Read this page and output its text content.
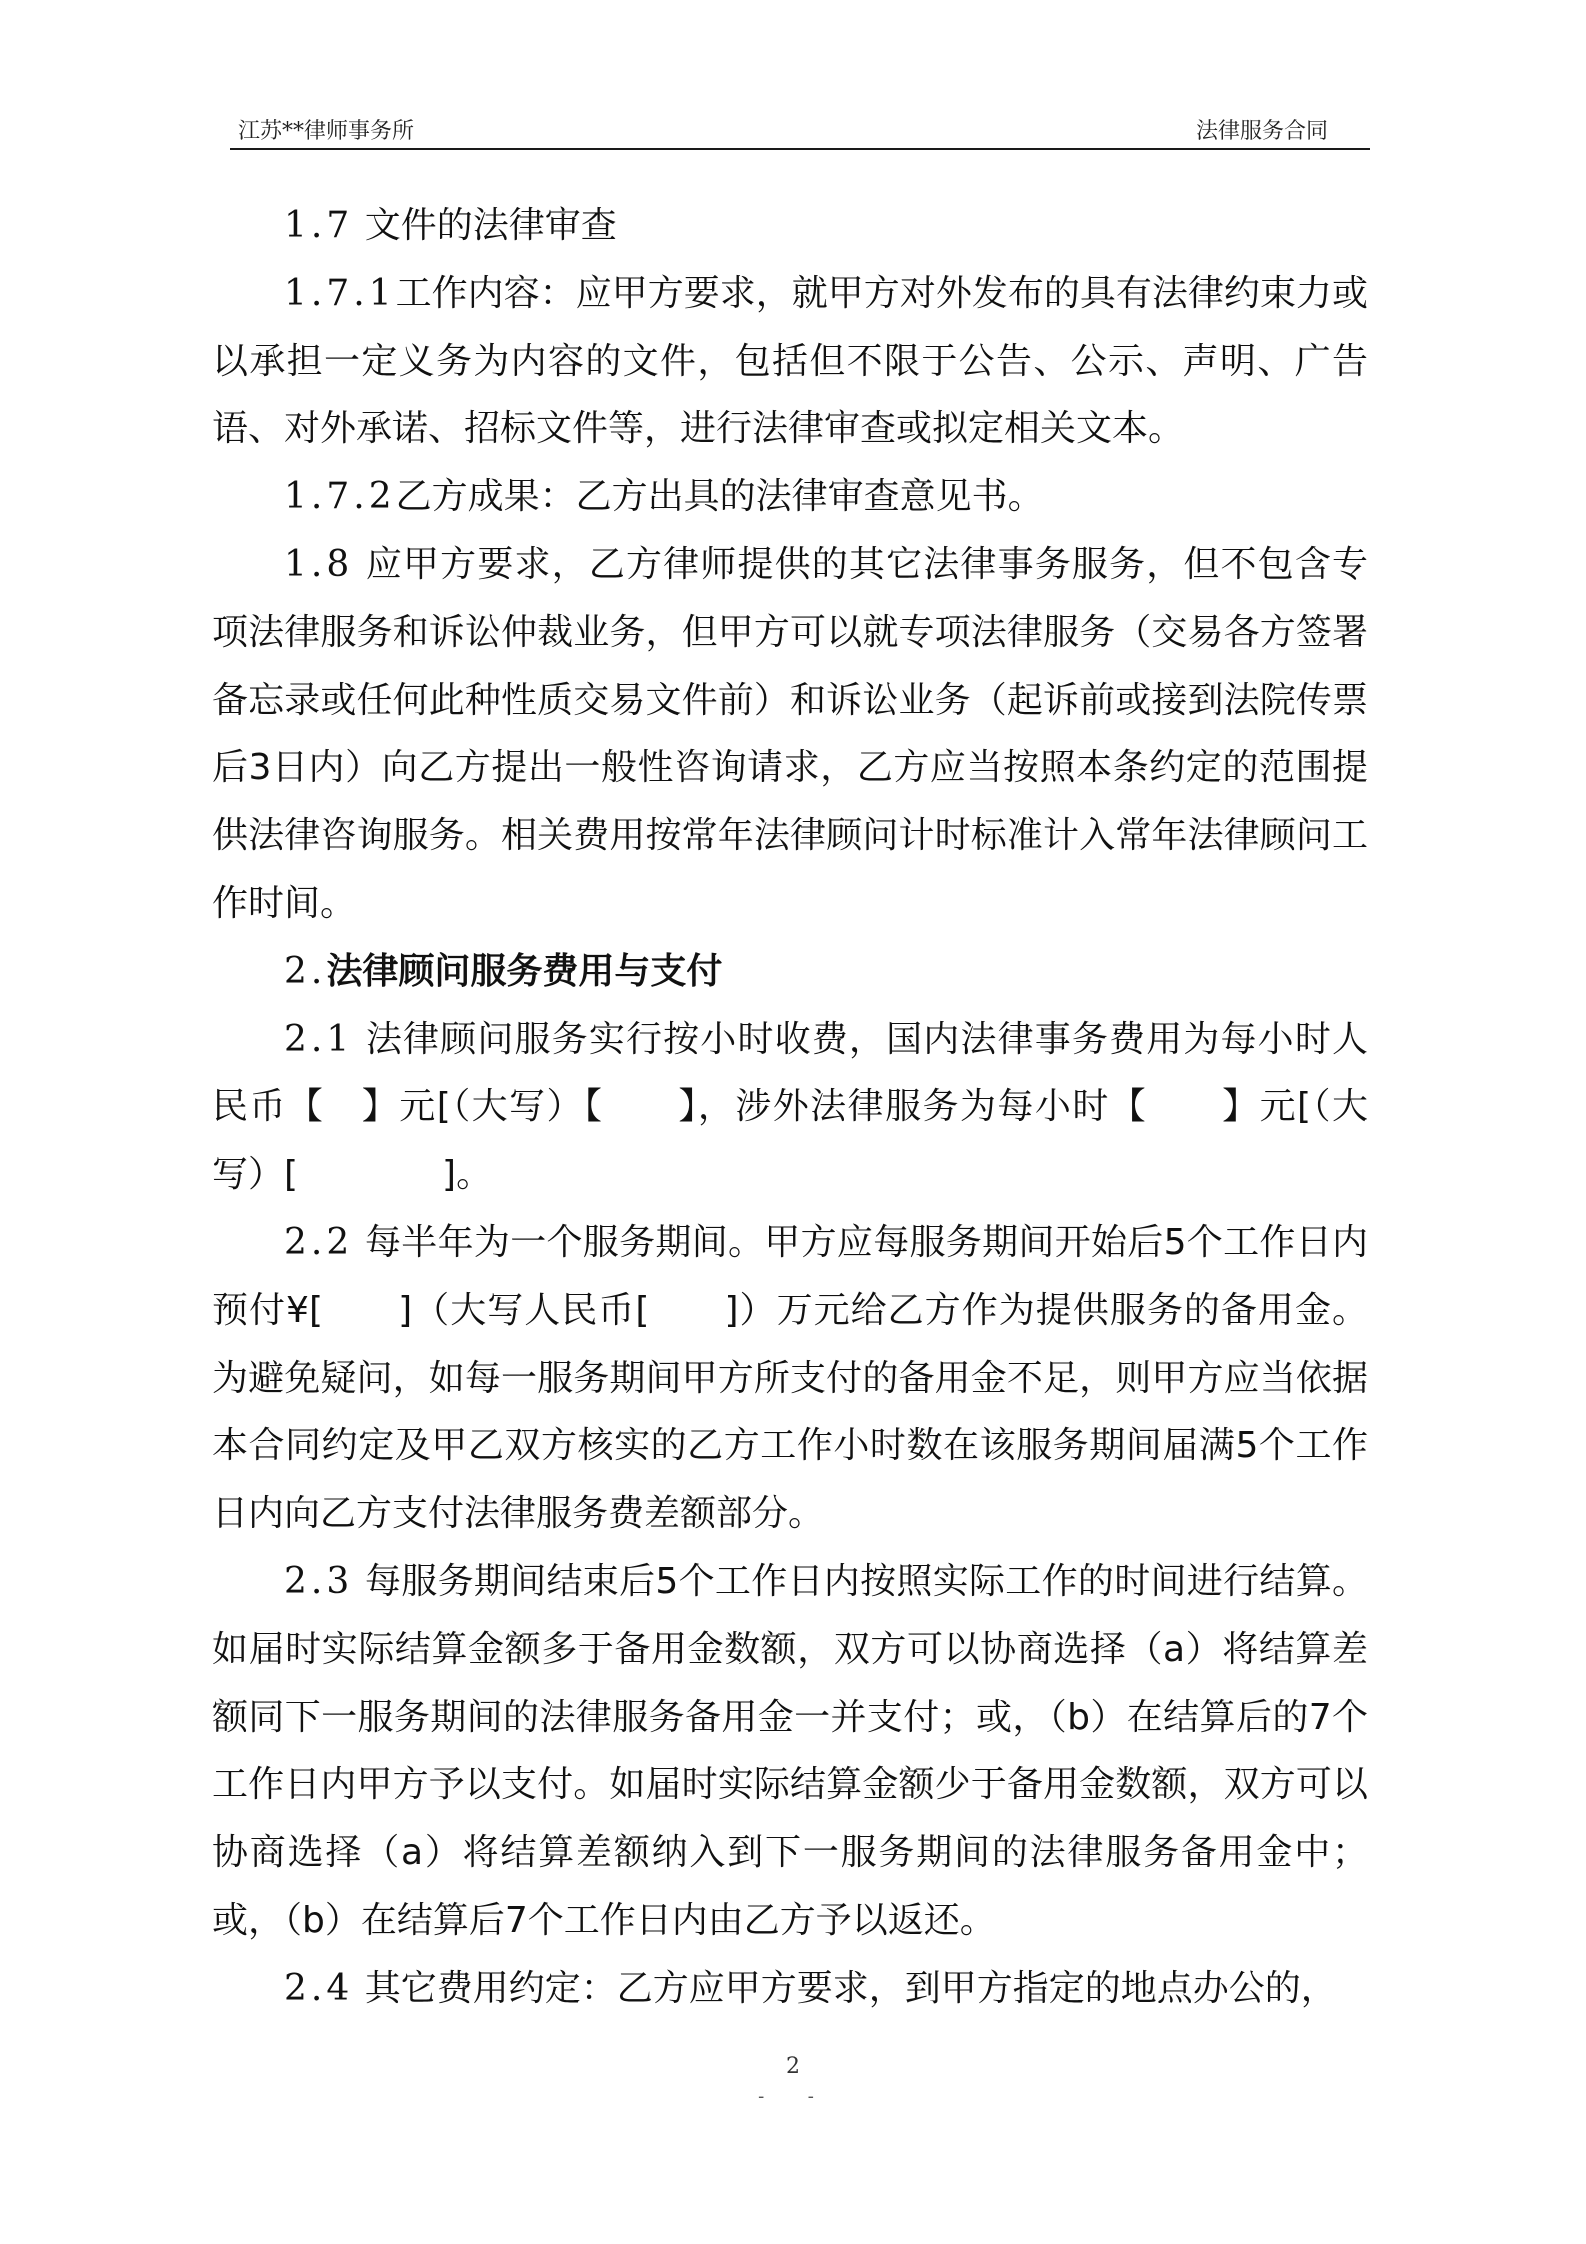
江苏**律师事务所	法律服务合同

1.7 文件的法律审查

1.7.1工作内容：应甲方要求，就甲方对外发布的具有法律约束力或以承担一定义务为内容的文件，包括但不限于公告、公示、声明、广告语、对外承诺、招标文件等，进行法律审查或拟定相关文本。

1.7.2乙方成果：乙方出具的法律审查意见书。

1.8 应甲方要求，乙方律师提供的其它法律事务服务，但不包含专项法律服务和诉讼仲裁业务，但甲方可以就专项法律服务（交易各方签署备忘录或任何此种性质交易文件前）和诉讼业务（起诉前或接到法院传票后3日内）向乙方提出一般性咨询请求，乙方应当按照本条约定的范围提供法律咨询服务。相关费用按常年法律顾问计时标准计入常年法律顾问工作时间。

2.法律顾问服务费用与支付

2.1 法律顾问服务实行按小时收费，国内法律事务费用为每小时人民币【　】元[（大写）【　　】，涉外法律服务为每小时【　　】元[（大写）[　　　　]。

2.2 每半年为一个服务期间。甲方应每服务期间开始后5个工作日内预付¥[　　]（大写人民币[　　]）万元给乙方作为提供服务的备用金。为避免疑问，如每一服务期间甲方所支付的备用金不足，则甲方应当依据本合同约定及甲乙双方核实的乙方工作小时数在该服务期间届满5个工作日内向乙方支付法律服务费差额部分。

2.3 每服务期间结束后5个工作日内按照实际工作的时间进行结算。如届时实际结算金额多于备用金数额，双方可以协商选择（a）将结算差额同下一服务期间的法律服务备用金一并支付；或，（b）在结算后的7个工作日内甲方予以支付。如届时实际结算金额少于备用金数额，双方可以协商选择（a）将结算差额纳入到下一服务期间的法律服务备用金中；或，（b）在结算后7个工作日内由乙方予以返还。

2.4 其它费用约定：乙方应甲方要求，到甲方指定的地点办公的，

2
- -
